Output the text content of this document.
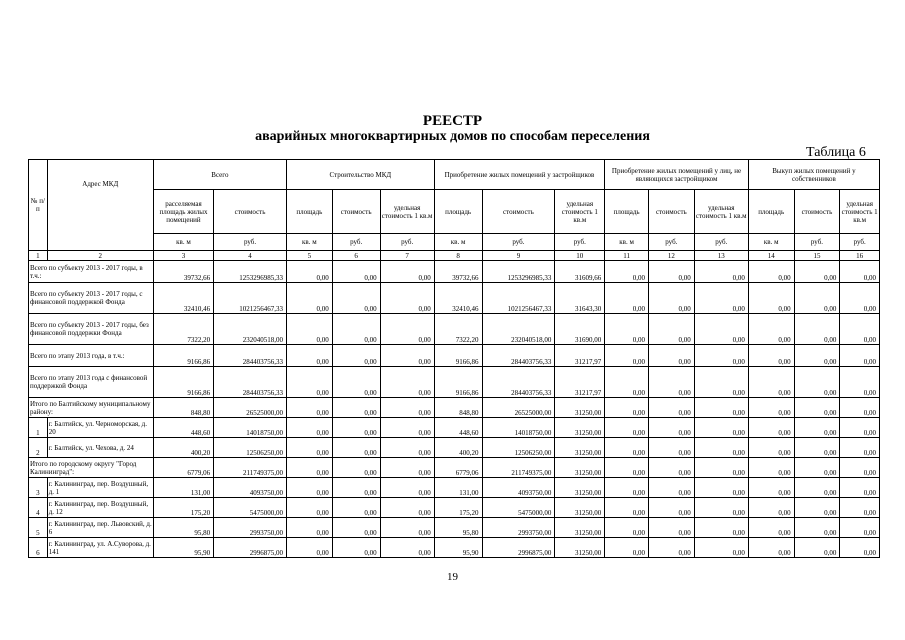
РЕЕСТР
аварийных многоквартирных домов по способам переселения
Таблица 6
№ п/п	Адрес МКД	Всего		Строительство МКД			Приобретение жилых помещений у застройщиков			Приобретение жилых помещений у лиц, не являющихся застройщиком			Выкуп жилых помещений у собственников		
		расселяемая площадь жилых помещений	стоимость	площадь	стоимость	удельная стоимость 1 кв.м	площадь	стоимость	удельная стоимость 1 кв.м	площадь	стоимость	удельная стоимость 1 кв.м	площадь	стоимость	удельная стоимость 1 кв.м
		кв. м	руб.	кв. м	руб.	руб.	кв. м	руб.	руб.	кв. м	руб.	руб.	кв. м	руб.	руб.
1	2	3	4	5	6	7	8	9	10	11	12	13	14	15	16
Всего по субъекту 2013 - 2017 годы, в т.ч.:		39732,66	1253296985,33	0,00	0,00	0,00	39732,66	1253296985,33	31609,66	0,00	0,00	0,00	0,00	0,00	0,00
Всего по субъекту 2013 - 2017 годы, с финансовой поддержкой Фонда		32410,46	1021256467,33	0,00	0,00	0,00	32410,46	1021256467,33	31643,30	0,00	0,00	0,00	0,00	0,00	0,00
Всего по субъекту 2013 - 2017 годы, без финансовой поддержки Фонда		7322,20	232040518,00	0,00	0,00	0,00	7322,20	232040518,00	31690,00	0,00	0,00	0,00	0,00	0,00	0,00
Всего по этапу 2013 года, в т.ч.:		9166,86	284403756,33	0,00	0,00	0,00	9166,86	284403756,33	31217,97	0,00	0,00	0,00	0,00	0,00	0,00
Всего по этапу 2013 года с финансовой поддержкой Фонда		9166,86	284403756,33	0,00	0,00	0,00	9166,86	284403756,33	31217,97	0,00	0,00	0,00	0,00	0,00	0,00
Итого по Балтийскому муниципальному району:		848,80	26525000,00	0,00	0,00	0,00	848,80	26525000,00	31250,00	0,00	0,00	0,00	0,00	0,00	0,00
1	г. Балтийск, ул. Черноморская, д. 20	448,60	14018750,00	0,00	0,00	0,00	448,60	14018750,00	31250,00	0,00	0,00	0,00	0,00	0,00	0,00
2	г. Балтийск, ул. Чехова, д. 24	400,20	12506250,00	0,00	0,00	0,00	400,20	12506250,00	31250,00	0,00	0,00	0,00	0,00	0,00	0,00
Итого по городскому округу "Город Калининград":		6779,06	211749375,00	0,00	0,00	0,00	6779,06	211749375,00	31250,00	0,00	0,00	0,00	0,00	0,00	0,00
3	г. Калининград, пер. Воздушный, д. 1	131,00	4093750,00	0,00	0,00	0,00	131,00	4093750,00	31250,00	0,00	0,00	0,00	0,00	0,00	0,00
4	г. Калининград, пер. Воздушный, д. 12	175,20	5475000,00	0,00	0,00	0,00	175,20	5475000,00	31250,00	0,00	0,00	0,00	0,00	0,00	0,00
5	г. Калининград, пер. Львовский, д. 6	95,80	2993750,00	0,00	0,00	0,00	95,80	2993750,00	31250,00	0,00	0,00	0,00	0,00	0,00	0,00
6	г. Калининград, ул. А.Суворова, д. 141	95,90	2996875,00	0,00	0,00	0,00	95,90	2996875,00	31250,00	0,00	0,00	0,00	0,00	0,00	0,00
19
